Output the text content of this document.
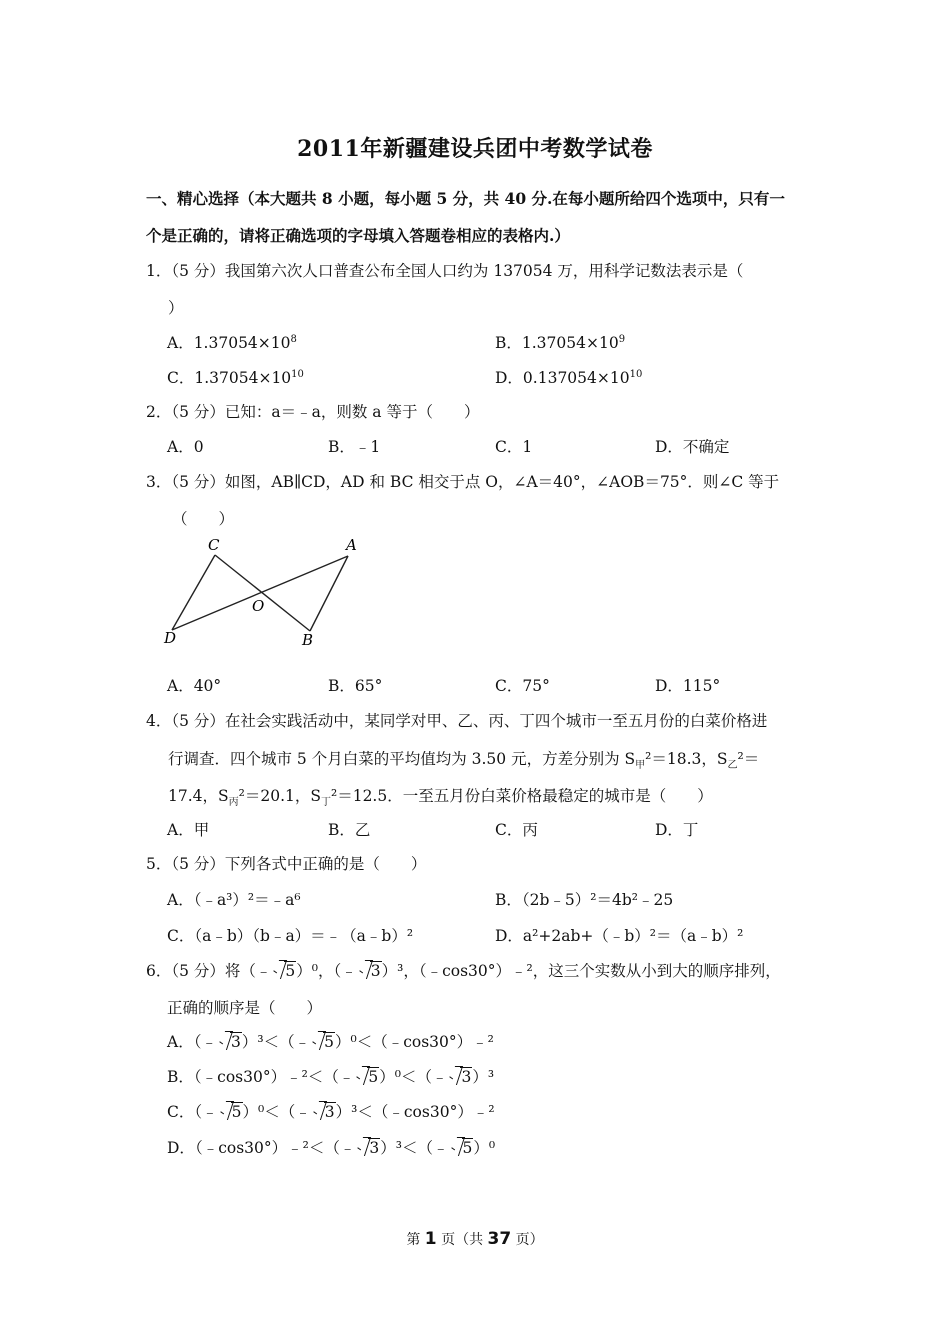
2011年新疆建设兵团中考数学试卷
一、精心选择（本大题共 8 小题，每小题 5 分，共 40 分.在每小题所给四个选项中，只有一
个是正确的，请将正确选项的字母填入答题卷相应的表格内.）
1．（5 分）我国第六次人口普查公布全国人口约为 137054 万，用科学记数法表示是（
）
A．$1.37054\times 10^8$	B．$1.37054\times 10^9$
C．$1.37054\times 10^{10}$	D．$0.137054\times 10^{10}$
2．（5 分）已知：a＝﹣a，则数 a 等于（　　）
A．0	B．﹣1	C．1	D．不确定
3．（5 分）如图，AB∥CD，AD 和 BC 相交于点 O，∠A＝40°，∠AOB＝75°．则∠C 等于
（　　）
C	A
O
D	B
A．40°	B．65°	C．75°	D．115°
4．（5 分）在社会实践活动中，某同学对甲、乙、丙、丁四个城市一至五月份的白菜价格进
行调查．四个城市 5 个月白菜的平均值均为 3.50 元，方差分别为 $S_甲^2=18.3$，$S_乙^2=$
17.4，$S_丙^2=20.1$，$S_丁^2=12.5$．一至五月份白菜价格最稳定的城市是（　　）
A．甲	B．乙	C．丙	D．丁
5．（5 分）下列各式中正确的是（　　）
A．（﹣a³）²＝﹣a⁶	B．（2b﹣5）²＝4b²﹣25
C．（a﹣b）（b﹣a）＝﹣（a﹣b）²	D．a²+2ab+（﹣b）²＝（a﹣b）²
6．（5 分）将（﹣ 5）⁰，（﹣ 3）³，（﹣cos30°）﹣²，这三个实数从小到大的顺序排列，
正确的顺序是（　　）
A．（﹣ 3）³＜（﹣ 5）⁰＜（﹣cos30°）﹣²
B．（﹣cos30°）﹣²＜（﹣ 5）⁰＜（﹣ 3）³
C．（﹣ 5）⁰＜（﹣ 3）³＜（﹣cos30°）﹣²
D．（﹣cos30°）﹣²＜（﹣ 3）³＜（﹣ 5）⁰
第 1 页（共 37 页）
